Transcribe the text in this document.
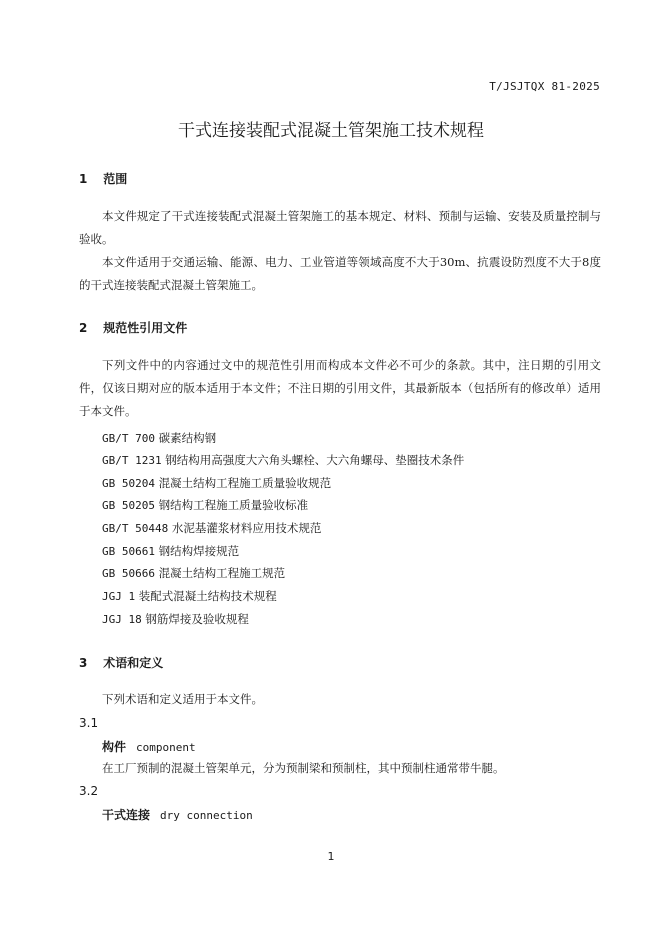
T/JSJTQX 81-2025
干式连接装配式混凝土管架施工技术规程
1 范围

本文件规定了干式连接装配式混凝土管架施工的基本规定、材料、预制与运输、安装及质量控制与验收。

本文件适用于交通运输、能源、电力、工业管道等领域高度不大于30m、抗震设防烈度不大于8度的干式连接装配式混凝土管架施工。

2 规范性引用文件

下列文件中的内容通过文中的规范性引用而构成本文件必不可少的条款。其中，注日期的引用文件，仅该日期对应的版本适用于本文件；不注日期的引用文件，其最新版本（包括所有的修改单）适用于本文件。

GB/T 700 碳素结构钢
GB/T 1231 钢结构用高强度大六角头螺栓、大六角螺母、垫圈技术条件
GB 50204 混凝土结构工程施工质量验收规范
GB 50205 钢结构工程施工质量验收标准
GB/T 50448 水泥基灌浆材料应用技术规范
GB 50661 钢结构焊接规范
GB 50666 混凝土结构工程施工规范
JGJ 1 装配式混凝土结构技术规程
JGJ 18 钢筋焊接及验收规程
3 术语和定义

下列术语和定义适用于本文件。

3.1
构件 component

在工厂预制的混凝土管架单元，分为预制梁和预制柱，其中预制柱通常带牛腿。

3.2
干式连接 dry connection
1
